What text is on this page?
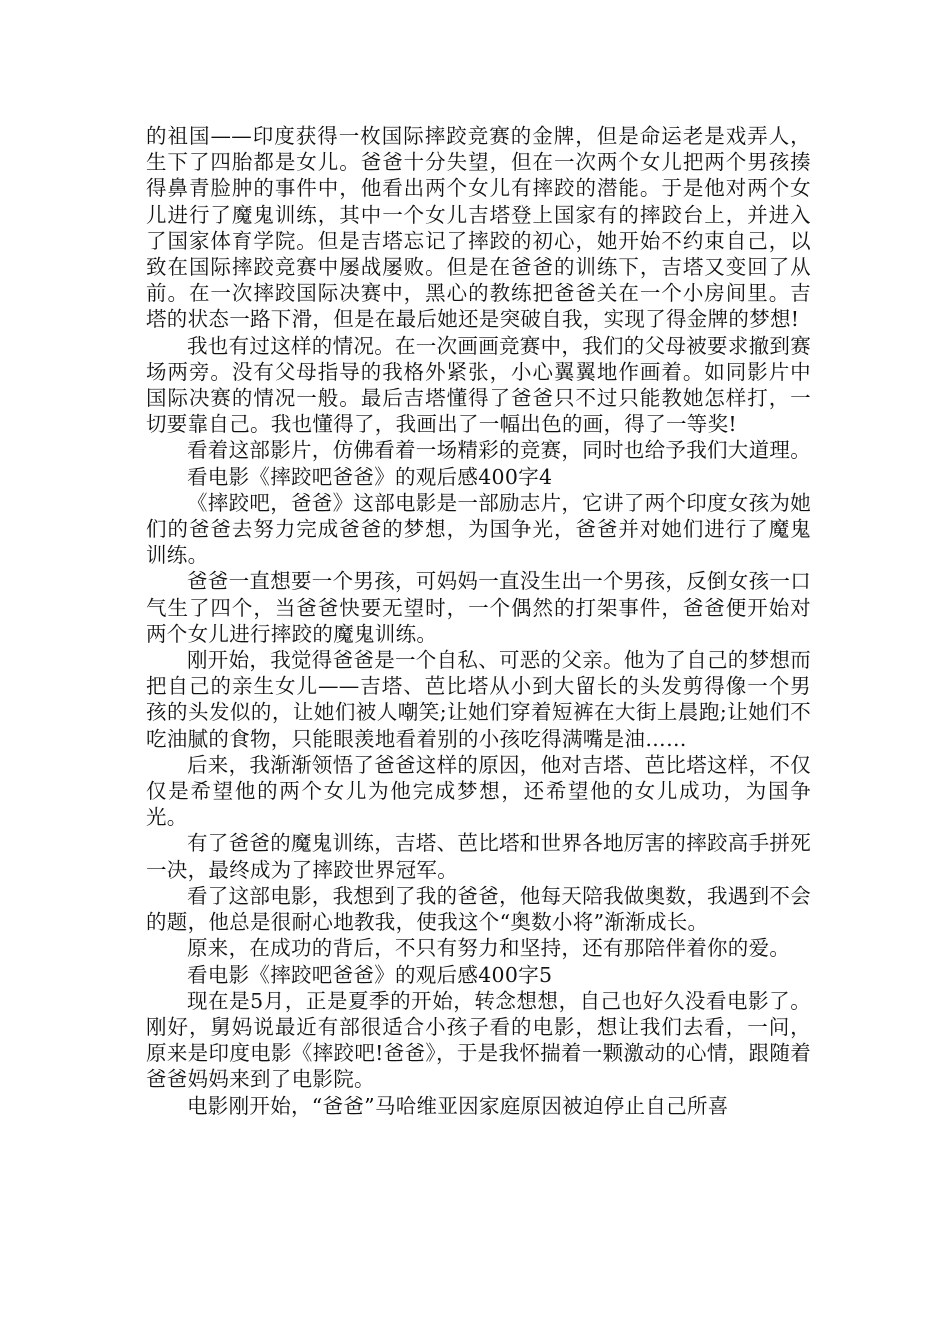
的祖国——印度获得一枚国际摔跤竞赛的金牌，但是命运老是戏弄人，生下了四胎都是女儿。爸爸十分失望，但在一次两个女儿把两个男孩揍得鼻青脸肿的事件中，他看出两个女儿有摔跤的潜能。于是他对两个女儿进行了魔鬼训练，其中一个女儿吉塔登上国家有的摔跤台上，并进入了国家体育学院。但是吉塔忘记了摔跤的初心，她开始不约束自己，以致在国际摔跤竞赛中屡战屡败。但是在爸爸的训练下，吉塔又变回了从前。在一次摔跤国际决赛中，黑心的教练把爸爸关在一个小房间里。吉塔的状态一路下滑，但是在最后她还是突破自我，实现了得金牌的梦想!

我也有过这样的情况。在一次画画竞赛中，我们的父母被要求撤到赛场两旁。没有父母指导的我格外紧张，小心翼翼地作画着。如同影片中国际决赛的情况一般。最后吉塔懂得了爸爸只不过只能教她怎样打，一切要靠自己。我也懂得了，我画出了一幅出色的画，得了一等奖!

看着这部影片，仿佛看着一场精彩的竞赛，同时也给予我们大道理。

看电影《摔跤吧爸爸》的观后感400字4

《摔跤吧，爸爸》这部电影是一部励志片，它讲了两个印度女孩为她们的爸爸去努力完成爸爸的梦想，为国争光，爸爸并对她们进行了魔鬼训练。

爸爸一直想要一个男孩，可妈妈一直没生出一个男孩，反倒女孩一口气生了四个，当爸爸快要无望时，一个偶然的打架事件，爸爸便开始对两个女儿进行摔跤的魔鬼训练。

刚开始，我觉得爸爸是一个自私、可恶的父亲。他为了自己的梦想而把自己的亲生女儿——吉塔、芭比塔从小到大留长的头发剪得像一个男孩的头发似的，让她们被人嘲笑;让她们穿着短裤在大街上晨跑;让她们不吃油腻的食物，只能眼羡地看着别的小孩吃得满嘴是油……

后来，我渐渐领悟了爸爸这样的原因，他对吉塔、芭比塔这样，不仅仅是希望他的两个女儿为他完成梦想，还希望他的女儿成功，为国争光。

有了爸爸的魔鬼训练，吉塔、芭比塔和世界各地厉害的摔跤高手拼死一决，最终成为了摔跤世界冠军。

看了这部电影，我想到了我的爸爸，他每天陪我做奥数，我遇到不会的题，他总是很耐心地教我，使我这个“奥数小将”渐渐成长。

原来，在成功的背后，不只有努力和坚持，还有那陪伴着你的爱。

看电影《摔跤吧爸爸》的观后感400字5

现在是5月，正是夏季的开始，转念想想，自己也好久没看电影了。刚好，舅妈说最近有部很适合小孩子看的电影，想让我们去看，一问，原来是印度电影《摔跤吧!爸爸》，于是我怀揣着一颗激动的心情，跟随着爸爸妈妈来到了电影院。

电影刚开始，“爸爸”马哈维亚因家庭原因被迫停止自己所喜
